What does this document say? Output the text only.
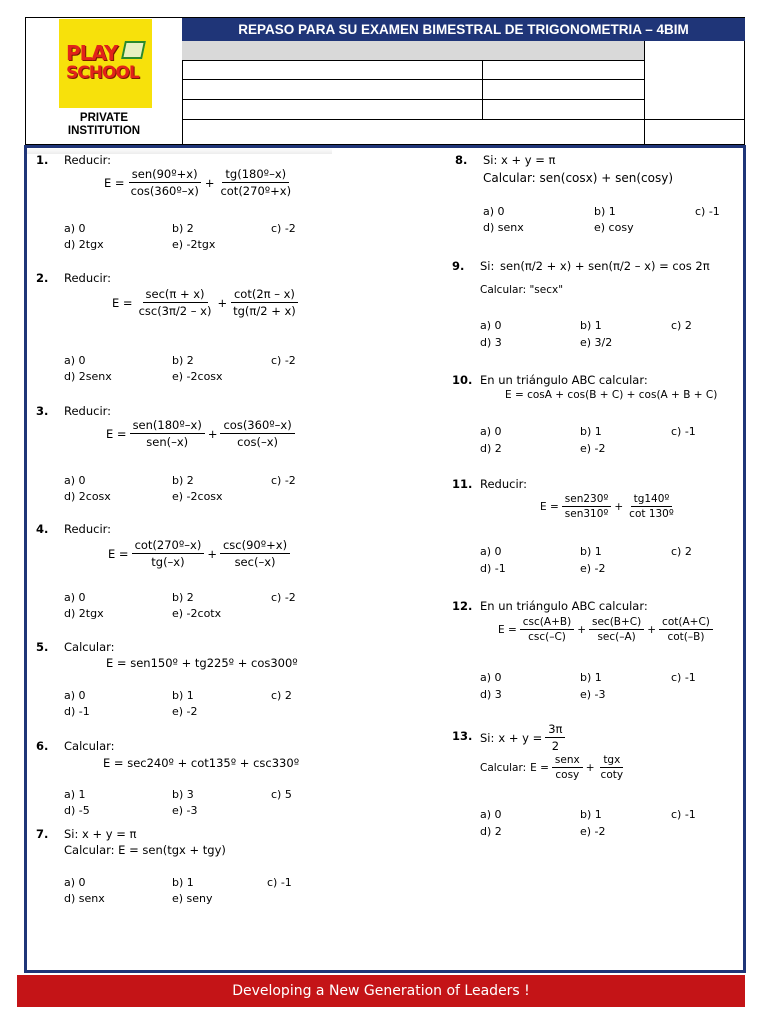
PLAY
SCHOOL
PRIVATE
INSTITUTION
REPASO PARA SU EXAMEN BIMESTRAL DE TRIGONOMETRIA – 4BIM
1. Reducir:
$E = \frac{\text{sen(90º+x)}}{\text{cos(360º–x)}} + \frac{\text{tg(180º–x)}}{\text{cot(270º+x)}}$
a) 0	b) 2	c) -2
d) 2tgx	e) -2tgx
2. Reducir:
$E = \frac{\sec(\pi + x)}{\csc(3\pi/2 - x)} + \frac{\cot(2\pi - x)}{tg(\pi/2 + x)}$
a) 0	b) 2	c) -2
d) 2senx	e) -2cosx
3. Reducir:
$E = \frac{\text{sen(180º–x)}}{\text{sen(–x)}} + \frac{\text{cos(360º–x)}}{\cos(-x)}$
a) 0	b) 2	c) -2
d) 2cosx	e) -2cosx
4. Reducir:
$E = \frac{\text{cot(270º–x)}}{tg(-x)} + \frac{\text{csc(90º+x)}}{\sec(-x)}$
a) 0	b) 2	c) -2
d) 2tgx	e) -2cotx
5. Calcular:
E = sen150º + tg225º + cos300º
a) 0	b) 1	c) 2
d) -1	e) -2
6. Calcular:
E = sec240º + cot135º + csc330º
a) 1	b) 3	c) 5
d) -5	e) -3
7. Si: x + y = π
Calcular: E = sen(tgx + tgy)
a) 0	b) 1	c) -1
d) senx	e) seny
8. Si: x + y = π
Calcular: sen(cosx) + sen(cosy)
a) 0	b) 1	c) -1
d) senx	e) cosy
9. Si: sen(π/2 + x) + sen(π/2 – x) = cos 2π
Calcular: "secx"
a) 0	b) 1	c) 2
d) 3	e) 3/2
10. En un triángulo ABC calcular:
E = cosA + cos(B + C) + cos(A + B + C)
a) 0	b) 1	c) -1
d) 2	e) -2
11. Reducir:
$E = \frac{\text{sen230º}}{\text{sen310º}} + \frac{\text{tg140º}}{\text{cot 130º}}$
a) 0	b) 1	c) 2
d) -1	e) -2
12. En un triángulo ABC calcular:
$E = \frac{\csc(A+B)}{\csc(-C)} + \frac{\sec(B+C)}{\sec(-A)} + \frac{\cot(A+C)}{\cot(-B)}$
a) 0	b) 1	c) -1
d) 3	e) -3
13. Si: $x + y = \frac{3\pi}{2}$
Calcular: $E = \frac{\text{senx}}{\cos y} + \frac{\text{tgx}}{\cot y}$
a) 0	b) 1	c) -1
d) 2	e) -2
Developing a New Generation of Leaders !
